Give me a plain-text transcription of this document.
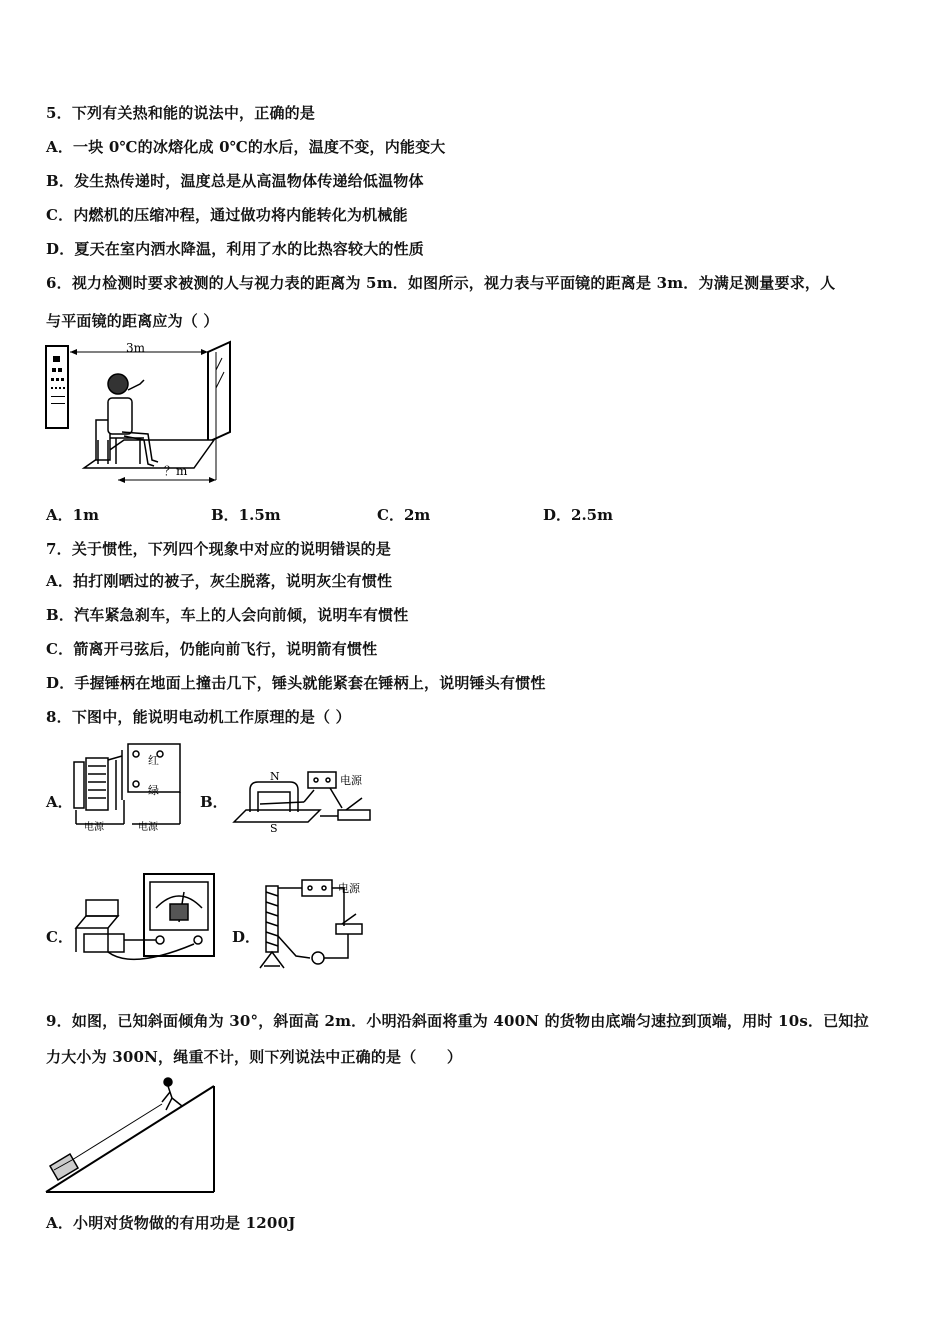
5．下列有关热和能的说法中，正确的是
A．一块 0℃的冰熔化成 0℃的水后，温度不变，内能变大
B．发生热传递时，温度总是从高温物体传递给低温物体
C．内燃机的压缩冲程，通过做功将内能转化为机械能
D．夏天在室内洒水降温，利用了水的比热容较大的性质
6．视力检测时要求被测的人与视力表的距离为 5m．如图所示，视力表与平面镜的距离是 3m．为满足测量要求，人
与平面镜的距离应为（ ）
3m
？m
A．1m	B．1.5m	C．2m	D．2.5m
7．关于惯性，下列四个现象中对应的说明错误的是
A．拍打刚晒过的被子，灰尘脱落，说明灰尘有惯性
B．汽车紧急刹车，车上的人会向前倾，说明车有惯性
C．箭离开弓弦后，仍能向前飞行，说明箭有惯性
D．手握锤柄在地面上撞击几下，锤头就能紧套在锤柄上，说明锤头有惯性
8．下图中，能说明电动机工作原理的是（ ）
A．
红
绿
电源	电源
B．
N
S
电源
C．	D．
电源
9．如图，已知斜面倾角为 30°，斜面高 2m．小明沿斜面将重为 400N 的货物由底端匀速拉到顶端，用时 10s．已知拉
力大小为 300N，绳重不计，则下列说法中正确的是（　　）
A．小明对货物做的有用功是 1200J
